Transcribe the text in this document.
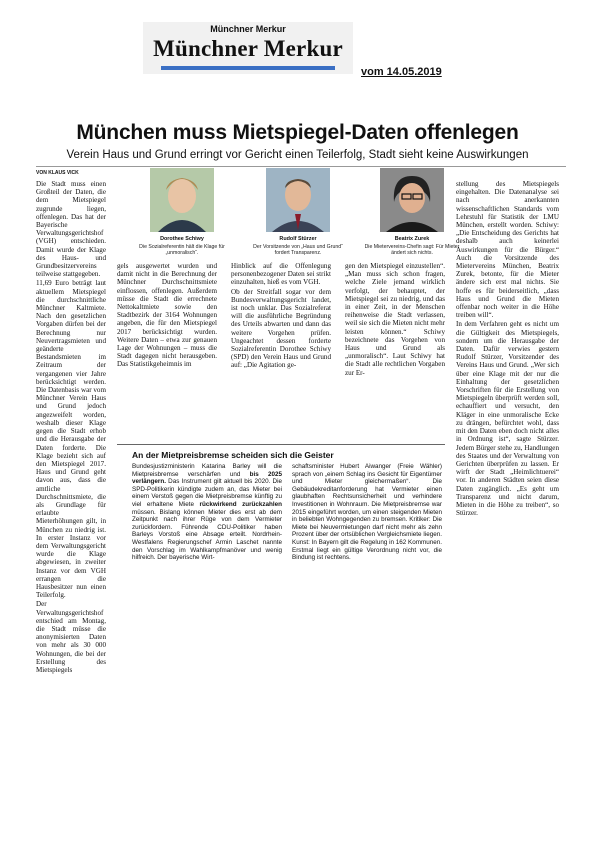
Münchner Merkur
Münchner Merkur
vom 14.05.2019
München muss Mietspiegel-Daten offenlegen
Verein Haus und Grund erringt vor Gericht einen Teilerfolg, Stadt sieht keine Auswirkungen
VON KLAUS VICK

Die Stadt muss einen Großteil der Daten, die dem Mietspiegel zugrunde liegen, offenlegen. Das hat der Bayerische Verwaltungsgerichtshof (VGH) entschieden. Damit wurde der Klage des Haus- und Grundbesitzervereins teilweise stattgegeben.

11,69 Euro beträgt laut aktuellem Mietspiegel die durchschnittliche Münchner Kaltmiete. Nach den gesetzlichen Vorgaben dürfen bei der Berechnung nur Neuvertragsmieten und geänderte Bestandsmieten im Zeitraum der vergangenen vier Jahre berücksichtigt werden. Die Datenbasis war vom Münchner Verein Haus und Grund jedoch angezweifelt worden, weshalb dieser Klage gegen die Stadt erhob und die Herausgabe der Daten forderte. Die Klage bezieht sich auf den Mietspiegel 2017. Haus und Grund geht davon aus, dass die amtliche Durchschnittsmiete, die als Grundlage für erlaubte Mieterhöhungen gilt, in München zu niedrig ist. In erster Instanz vor dem Verwaltungsgericht wurde die Klage abgewiesen, in zweiter Instanz vor dem VGH errangen die Hausbesitzer nun einen Teilerfolg.

Der Verwaltungsgerichtshof entschied am Montag, die Stadt müsse die anonymisierten Daten von mehr als 30 000 Wohnungen, die bei der Erstellung des Mietspiegels

Dorothee Schiwy
Die Sozialreferentin hält die Klage für „unmoralisch“.
Rudolf Stürzer
Der Vorsitzende von „Haus und Grund“ fordert Transparenz.
Beatrix Zurek
Die Mietervereins-Chefin sagt: Für Mieter ändert sich nichts.

gels ausgewertet wurden und damit nicht in die Berechnung der Münchner Durchschnittsmiete einflossen, offenlegen. Außerdem müsse die Stadt die errechnete Nettokaltmiete sowie den Stadtbezirk der 3164 Wohnungen angeben, die für den Mietspiegel 2017 berücksichtigt wurden. Weitere Daten – etwa zur genauen Lage der Wohnungen – muss die Stadt dagegen nicht herausgeben. Das Statistikgeheimnis im

Hinblick auf die Offenlegung personenbezogener Daten sei strikt einzuhalten, hieß es vom VGH.

Ob der Streitfall sogar vor dem Bundesverwaltungsgericht landet, ist noch unklar. Das Sozialreferat will die ausführliche Begründung des Urteils abwarten und dann das weitere Vorgehen prüfen. Ungeachtet dessen forderte Sozialreferentin Dorothee Schiwy (SPD) den Verein Haus und Grund auf: „Die Agitation ge-

gen den Mietspiegel einzustellen“. „Man muss sich schon fragen, welche Ziele jemand wirklich verfolgt, der behauptet, der Mietspiegel sei zu niedrig, und das in einer Zeit, in der Menschen reihenweise die Stadt verlassen, weil sie sich die Mieten nicht mehr leisten können.“ Schiwy bezeichnete das Vorgehen von Haus und Grund als „unmoralisch“. Laut Schiwy hat die Stadt alle rechtlichen Vorgaben zur Er-

stellung des Mietspiegels eingehalten. Die Datenanalyse sei nach anerkannten wissenschaftlichen Standards vom Lehrstuhl für Statistik der LMU München, erstellt worden. Schiwy: „Die Entscheidung des Gerichts hat deshalb auch keinerlei Auswirkungen für die Bürger.“ Auch die Vorsitzende des Mietervereins München, Beatrix Zurek, betonte, für die Mieter ändere sich erst mal nichts. Sie hoffe es für beiderseitlich, „dass Haus und Grund die Mieten offenbar noch weiter in die Höhe treiben will“.

In dem Verfahren geht es nicht um die Gültigkeit des Mietspiegels, sondern um die Herausgabe der Daten. Dafür verwies gestern Rudolf Stürzer, Vorsitzender des Vereins Haus und Grund. „Wer sich über eine Klage mit der nur die Einhaltung der gesetzlichen Vorschriften für die Erstellung von Mietspiegeln überprüft werden soll, echauffiert und versucht, den Kläger in eine unmoralische Ecke zu drängen, befürchtet wohl, dass mit den Daten eben doch nicht alles in Ordnung ist“, sagte Stürzer. Jedem Bürger stehe zu, Handlungen des Staates und der Verwaltung von Gerichten überprüfen zu lassen. Er wirft der Stadt „Heimlichtuerei“ vor. In anderen Städten seien diese Daten zugänglich. „Es geht um Transparenz und nicht darum, Mieten in die Höhe zu treiben“, so Stürzer.

An der Mietpreisbremse scheiden sich die Geister
Bundesjustizministerin Katarina Barley will die Mietpreisbremse verschärfen und bis 2025 verlängern. Das Instrument gilt aktuell bis 2020. Die SPD-Politikerin kündigte zudem an, das Mieter bei einem Verstoß gegen die Mietpreisbremse künftig zu viel erhaltene Miete rückwirkend zurückzahlen müssen. Bislang können Mieter dies erst ab dem Zeitpunkt nach ihrer Rüge von dem Vermieter zurückfordern. Führende CDU-Politiker haben Barleys Vorstoß eine Absage erteilt. Nordrhein-Westfalens Regierungschef Armin Laschet nannte den Vorschlag im Wahlkampfmanöver und wenig hilfreich. Der bayerische Wirt-
schaftsminister Hubert Aiwanger (Freie Wähler) sprach von „einem Schlag ins Gesicht für Eigentümer und Mieter gleichermaßen“. Die Gebäudekreditanforderung hat Vermieter einen glaubhaften Rechtsunsicherheit und verhindere Investitionen in Wohnraum. Die Mietpreisbremse war 2015 eingeführt worden, um einen steigenden Mieten in beliebten Wohngegenden zu bremsen. Kritiker: Die Miete bei Neuvermietungen darf nicht mehr als zehn Prozent über der ortsüblichen Vergleichsmiete liegen. Kunst: In Bayern gilt die Regelung in 162 Kommunen. Erstmal liegt ein gültige Verordnung nicht vor, die Bindung ist rechtens.
